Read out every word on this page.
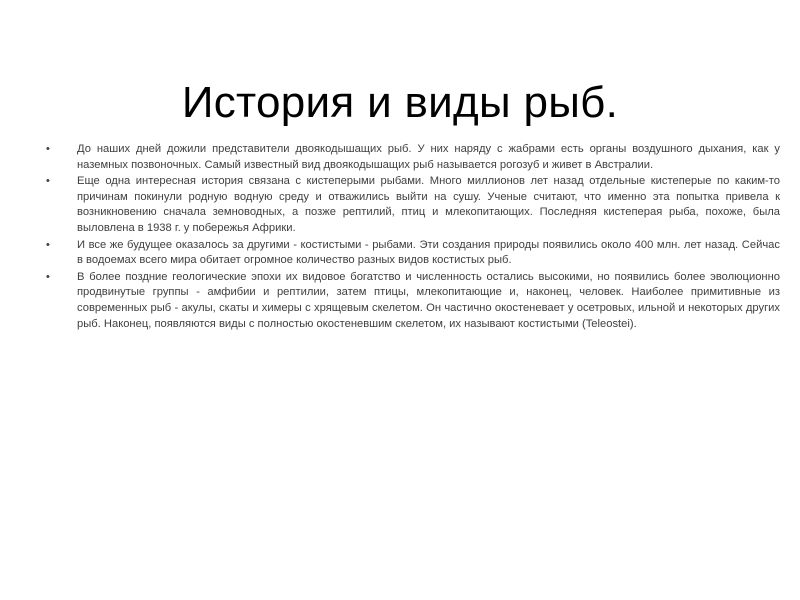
История и виды рыб.
• До наших дней дожили представители двоякодышащих рыб. У них наряду с жабрами есть органы воздушного дыхания, как у наземных позвоночных. Самый известный вид двоякодышащих рыб называется рогозуб и живет в Австралии.
• Еще одна интересная история связана с кистеперыми рыбами. Много миллионов лет назад отдельные кистеперые по каким-то причинам покинули родную водную среду и отважились выйти на сушу. Ученые считают, что именно эта попытка привела к возникновению сначала земноводных, а позже рептилий, птиц и млекопитающих. Последняя кистеперая рыба, похоже, была выловлена в 1938 г. у побережья Африки.
• И все же будущее оказалось за другими - костистыми - рыбами. Эти создания природы появились около 400 млн. лет назад. Сейчас в водоемах всего мира обитает огромное количество разных видов костистых рыб.
• В более поздние геологические эпохи их видовое богатство и численность остались высокими, но появились более эволюционно продвинутые группы - амфибии и рептилии, затем птицы, млекопитающие и, наконец, человек. Наиболее примитивные из современных рыб - акулы, скаты и химеры с хрящевым скелетом. Он частично окостеневает у осетровых, ильной и некоторых других рыб. Наконец, появляются виды с полностью окостеневшим скелетом, их называют костистыми (Teleostei).
